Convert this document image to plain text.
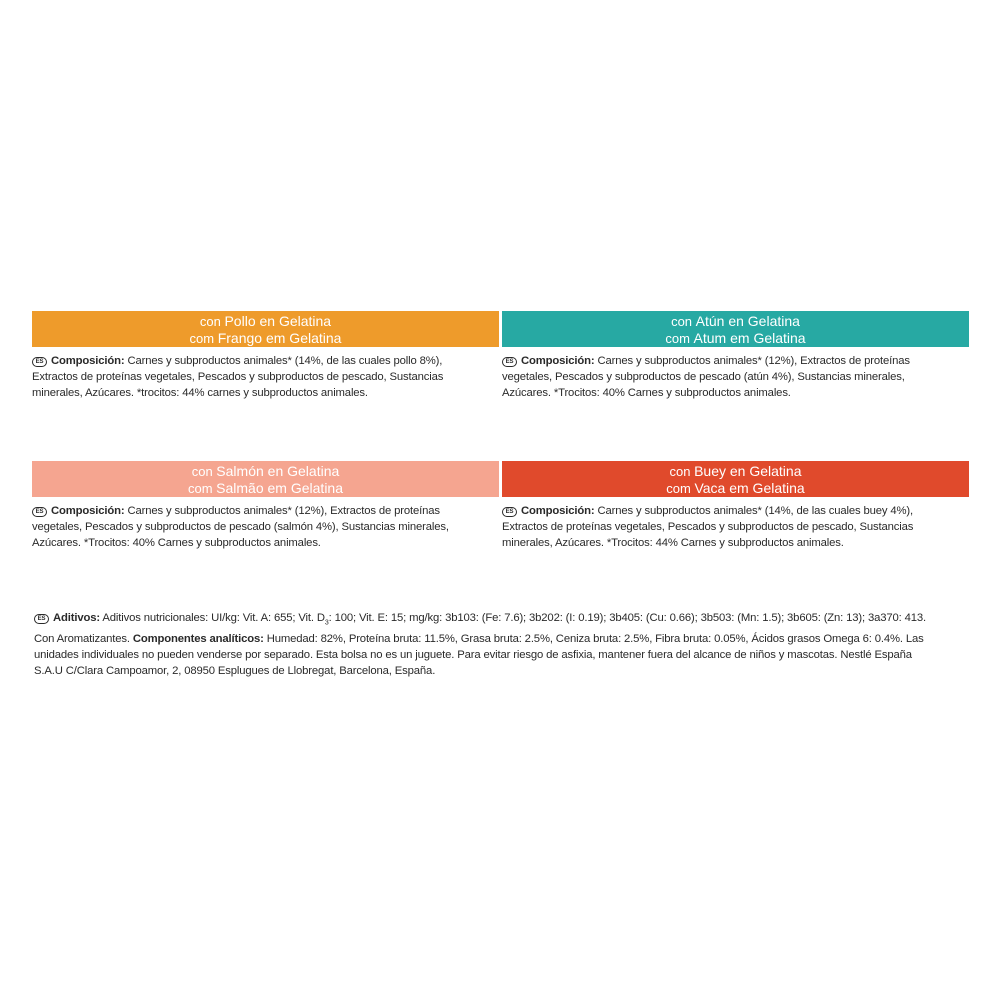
con Pollo en Gelatina
com Frango em Gelatina
ES Composición: Carnes y subproductos animales* (14%, de las cuales pollo 8%),
Extractos de proteínas vegetales, Pescados y subproductos de pescado, Sustancias
minerales, Azúcares. *trocitos: 44% carnes y subproductos animales.
con Atún en Gelatina
com Atum em Gelatina
ES Composición: Carnes y subproductos animales* (12%), Extractos de proteínas
vegetales, Pescados y subproductos de pescado (atún 4%), Sustancias minerales,
Azúcares. *Trocitos: 40% Carnes y subproductos animales.
con Salmón en Gelatina
com Salmão em Gelatina
ES Composición: Carnes y subproductos animales* (12%), Extractos de proteínas
vegetales, Pescados y subproductos de pescado (salmón 4%), Sustancias minerales,
Azúcares. *Trocitos: 40% Carnes y subproductos animales.
con Buey en Gelatina
com Vaca em Gelatina
ES Composición: Carnes y subproductos animales* (14%, de las cuales buey 4%),
Extractos de proteínas vegetales, Pescados y subproductos de pescado, Sustancias
minerales, Azúcares. *Trocitos: 44% Carnes y subproductos animales.
ES Aditivos: Aditivos nutricionales: UI/kg: Vit. A: 655; Vit. $D_3$: 100; Vit. E: 15; mg/kg: 3b103: (Fe: 7.6); 3b202: (I: 0.19); 3b405: (Cu: 0.66); 3b503: (Mn: 1.5); 3b605: (Zn: 13); 3a370: 413.
Con Aromatizantes. Componentes analíticos: Humedad: 82%, Proteína bruta: 11.5%, Grasa bruta: 2.5%, Ceniza bruta: 2.5%, Fibra bruta: 0.05%, Ácidos grasos Omega 6: 0.4%. Las
unidades individuales no pueden venderse por separado. Esta bolsa no es un juguete. Para evitar riesgo de asfixia, mantener fuera del alcance de niños y mascotas. Nestlé España
S.A.U C/Clara Campoamor, 2, 08950 Esplugues de Llobregat, Barcelona, España.
